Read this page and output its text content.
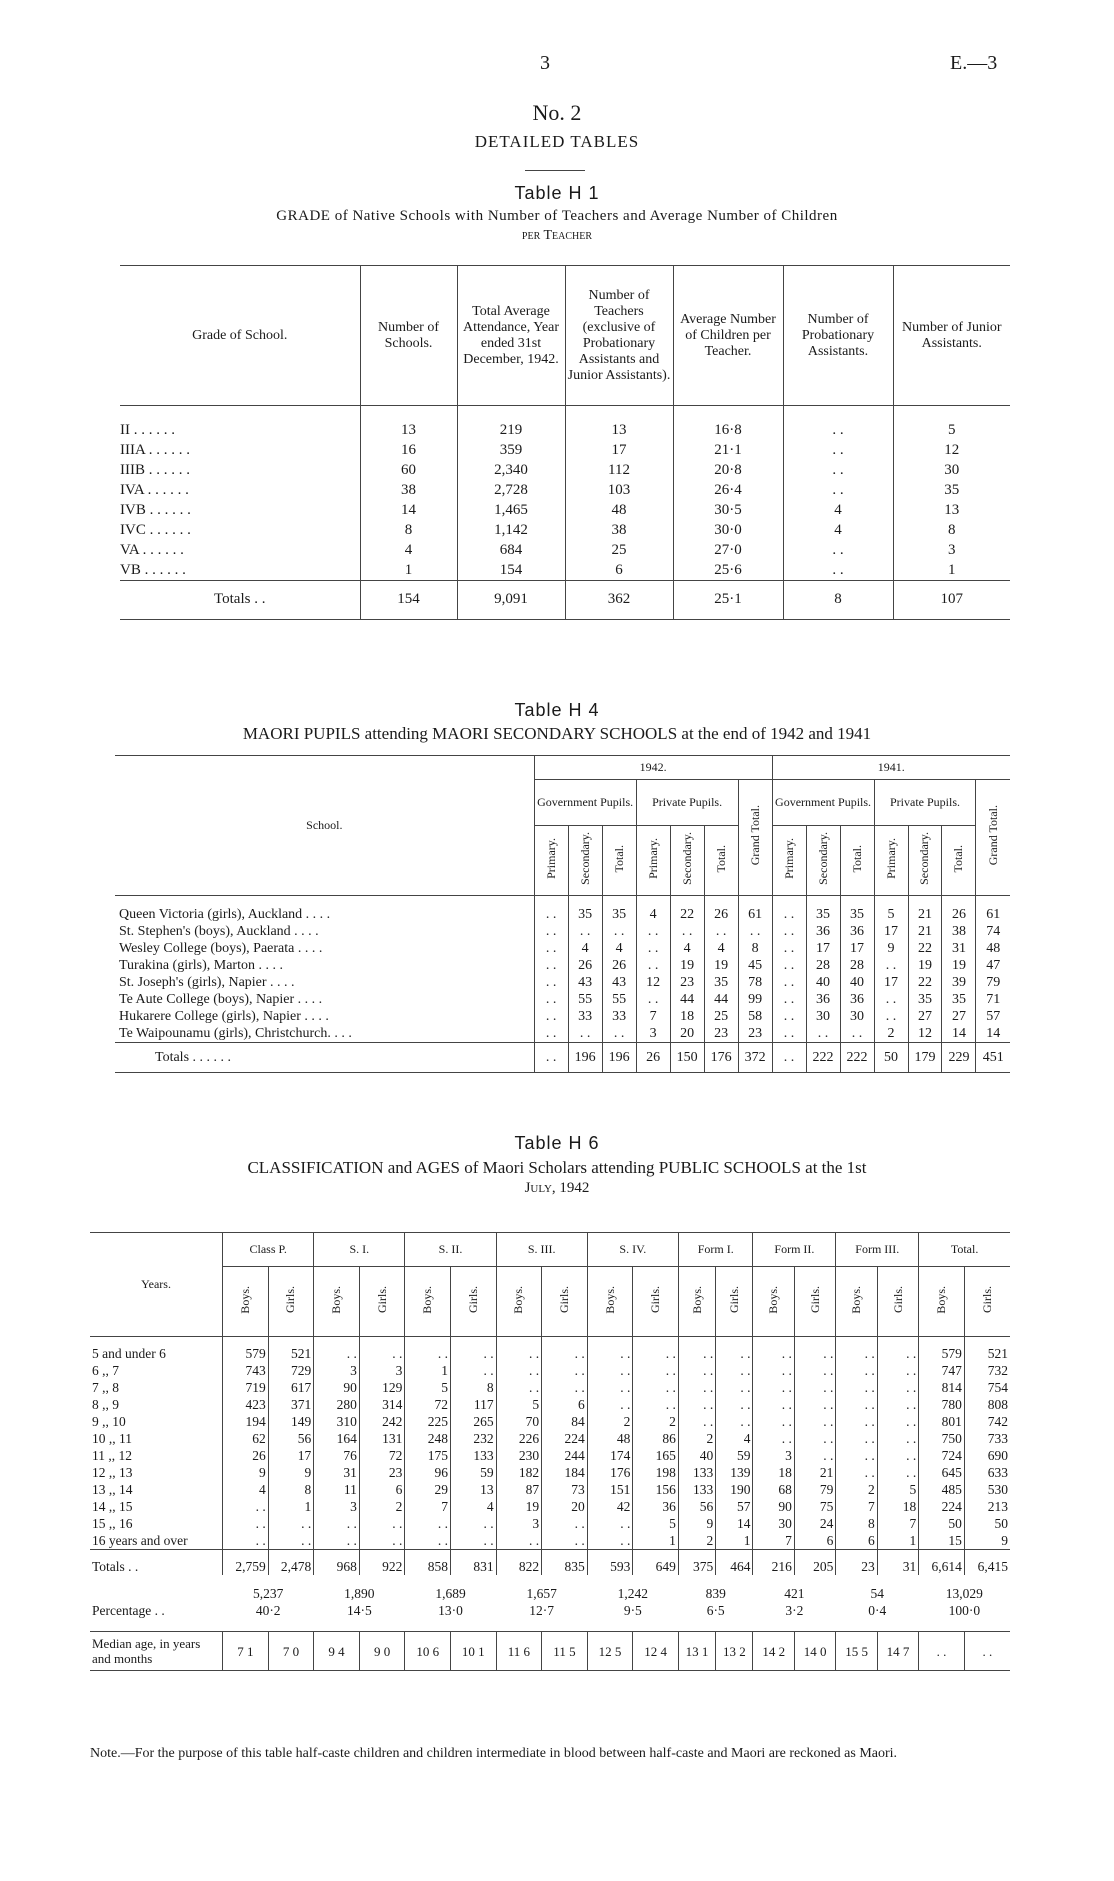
3	E.—3
No. 2
DETAILED TABLES
Table H 1
GRADE of Native Schools with Number of Teachers and Average Number of Children
per Teacher
Grade of School.	Number of Schools.	Total Average Attendance, Year ended 31st December, 1942.	Number of Teachers (exclusive of Probationary Assistants and Junior Assistants).	Average Number of Children per Teacher.	Number of Probationary Assistants.	Number of Junior Assistants.

II . . . . . .	13	219	13	16·8	. .	5
IIIA . . . . . .	16	359	17	21·1	. .	12
IIIB . . . . . .	60	2,340	112	20·8	. .	30
IVA . . . . . .	38	2,728	103	26·4	. .	35
IVB . . . . . .	14	1,465	48	30·5	4	13
IVC . . . . . .	8	1,142	38	30·0	4	8
VA . . . . . .	4	684	25	27·0	. .	3
VB . . . . . .	1	154	6	25·6	. .	1
Totals . .	154	9,091	362	25·1	8	107
Table H 4
MAORI PUPILS attending MAORI SECONDARY SCHOOLS at the end of 1942 and 1941
School.	1942.							1941.						
	Government Pupils.			Private Pupils.			Grand Total.	Government Pupils.			Private Pupils.			Grand Total.
	Primary.	Secondary.	Total.	Primary.	Secondary.	Total.		Primary.	Secondary.	Total.	Primary.	Secondary.	Total.	
Queen Victoria (girls), Auckland . . . .	. .	35	35	4	22	26	61	. .	35	35	5	21	26	61
St. Stephen's (boys), Auckland . . . .	. .	. .	. .	. .	. .	. .	. .	. .	36	36	17	21	38	74
Wesley College (boys), Paerata . . . .	. .	4	4	. .	4	4	8	. .	17	17	9	22	31	48
Turakina (girls), Marton . . . .	. .	26	26	. .	19	19	45	. .	28	28	. .	19	19	47
St. Joseph's (girls), Napier . . . .	. .	43	43	12	23	35	78	. .	40	40	17	22	39	79
Te Aute College (boys), Napier . . . .	. .	55	55	. .	44	44	99	. .	36	36	. .	35	35	71
Hukarere College (girls), Napier . . . .	. .	33	33	7	18	25	58	. .	30	30	. .	27	27	57
Te Waipounamu (girls), Christchurch. . . .	. .	. .	. .	3	20	23	23	. .	. .	. .	2	12	14	14
Totals . . . . . .	. .	196	196	26	150	176	372	. .	222	222	50	179	229	451
Table H 6
CLASSIFICATION and AGES of Maori Scholars attending PUBLIC SCHOOLS at the 1st
July, 1942
Years.	Class P.		S. I.		S. II.		S. III.		S. IV.		Form I.		Form II.		Form III.		Total.	
	Boys.	Girls.	Boys.	Girls.	Boys.	Girls.	Boys.	Girls.	Boys.	Girls.	Boys.	Girls.	Boys.	Girls.	Boys.	Girls.	Boys.	Girls.
5 and under 6	579	521	. .	. .	. .	. .	. .	. .	. .	. .	. .	. .	. .	. .	. .	. .	579	521
6 ,, 7	743	729	3	3	1	. .	. .	. .	. .	. .	. .	. .	. .	. .	. .	. .	747	732
7 ,, 8	719	617	90	129	5	8	. .	. .	. .	. .	. .	. .	. .	. .	. .	. .	814	754
8 ,, 9	423	371	280	314	72	117	5	6	. .	. .	. .	. .	. .	. .	. .	. .	780	808
9 ,, 10	194	149	310	242	225	265	70	84	2	2	. .	. .	. .	. .	. .	. .	801	742
10 ,, 11	62	56	164	131	248	232	226	224	48	86	2	4	. .	. .	. .	. .	750	733
11 ,, 12	26	17	76	72	175	133	230	244	174	165	40	59	3	. .	. .	. .	724	690
12 ,, 13	9	9	31	23	96	59	182	184	176	198	133	139	18	21	. .	. .	645	633
13 ,, 14	4	8	11	6	29	13	87	73	151	156	133	190	68	79	2	5	485	530
14 ,, 15	. .	1	3	2	7	4	19	20	42	36	56	57	90	75	7	18	224	213
15 ,, 16	. .	. .	. .	. .	. .	. .	3	. .	. .	5	9	14	30	24	8	7	50	50
16 years and over	. .	. .	. .	. .	. .	. .	. .	. .	. .	1	2	1	7	6	6	1	15	9
Totals . .	2,759	2,478	968	922	858	831	822	835	593	649	375	464	216	205	23	31	6,614	6,415
	5,237		1,890		1,689		1,657		1,242		839		421		54		13,029	
Percentage . .	40·2		14·5		13·0		12·7		9·5		6·5		3·2		0·4		100·0	
Median age, in years and months	7 1	7 0	9 4	9 0	10 6	10 1	11 6	11 5	12 5	12 4	13 1	13 2	14 2	14 0	15 5	14 7	. .	. .
Note.—For the purpose of this table half-caste children and children intermediate in blood between half-caste and Maori are reckoned as Maori.
